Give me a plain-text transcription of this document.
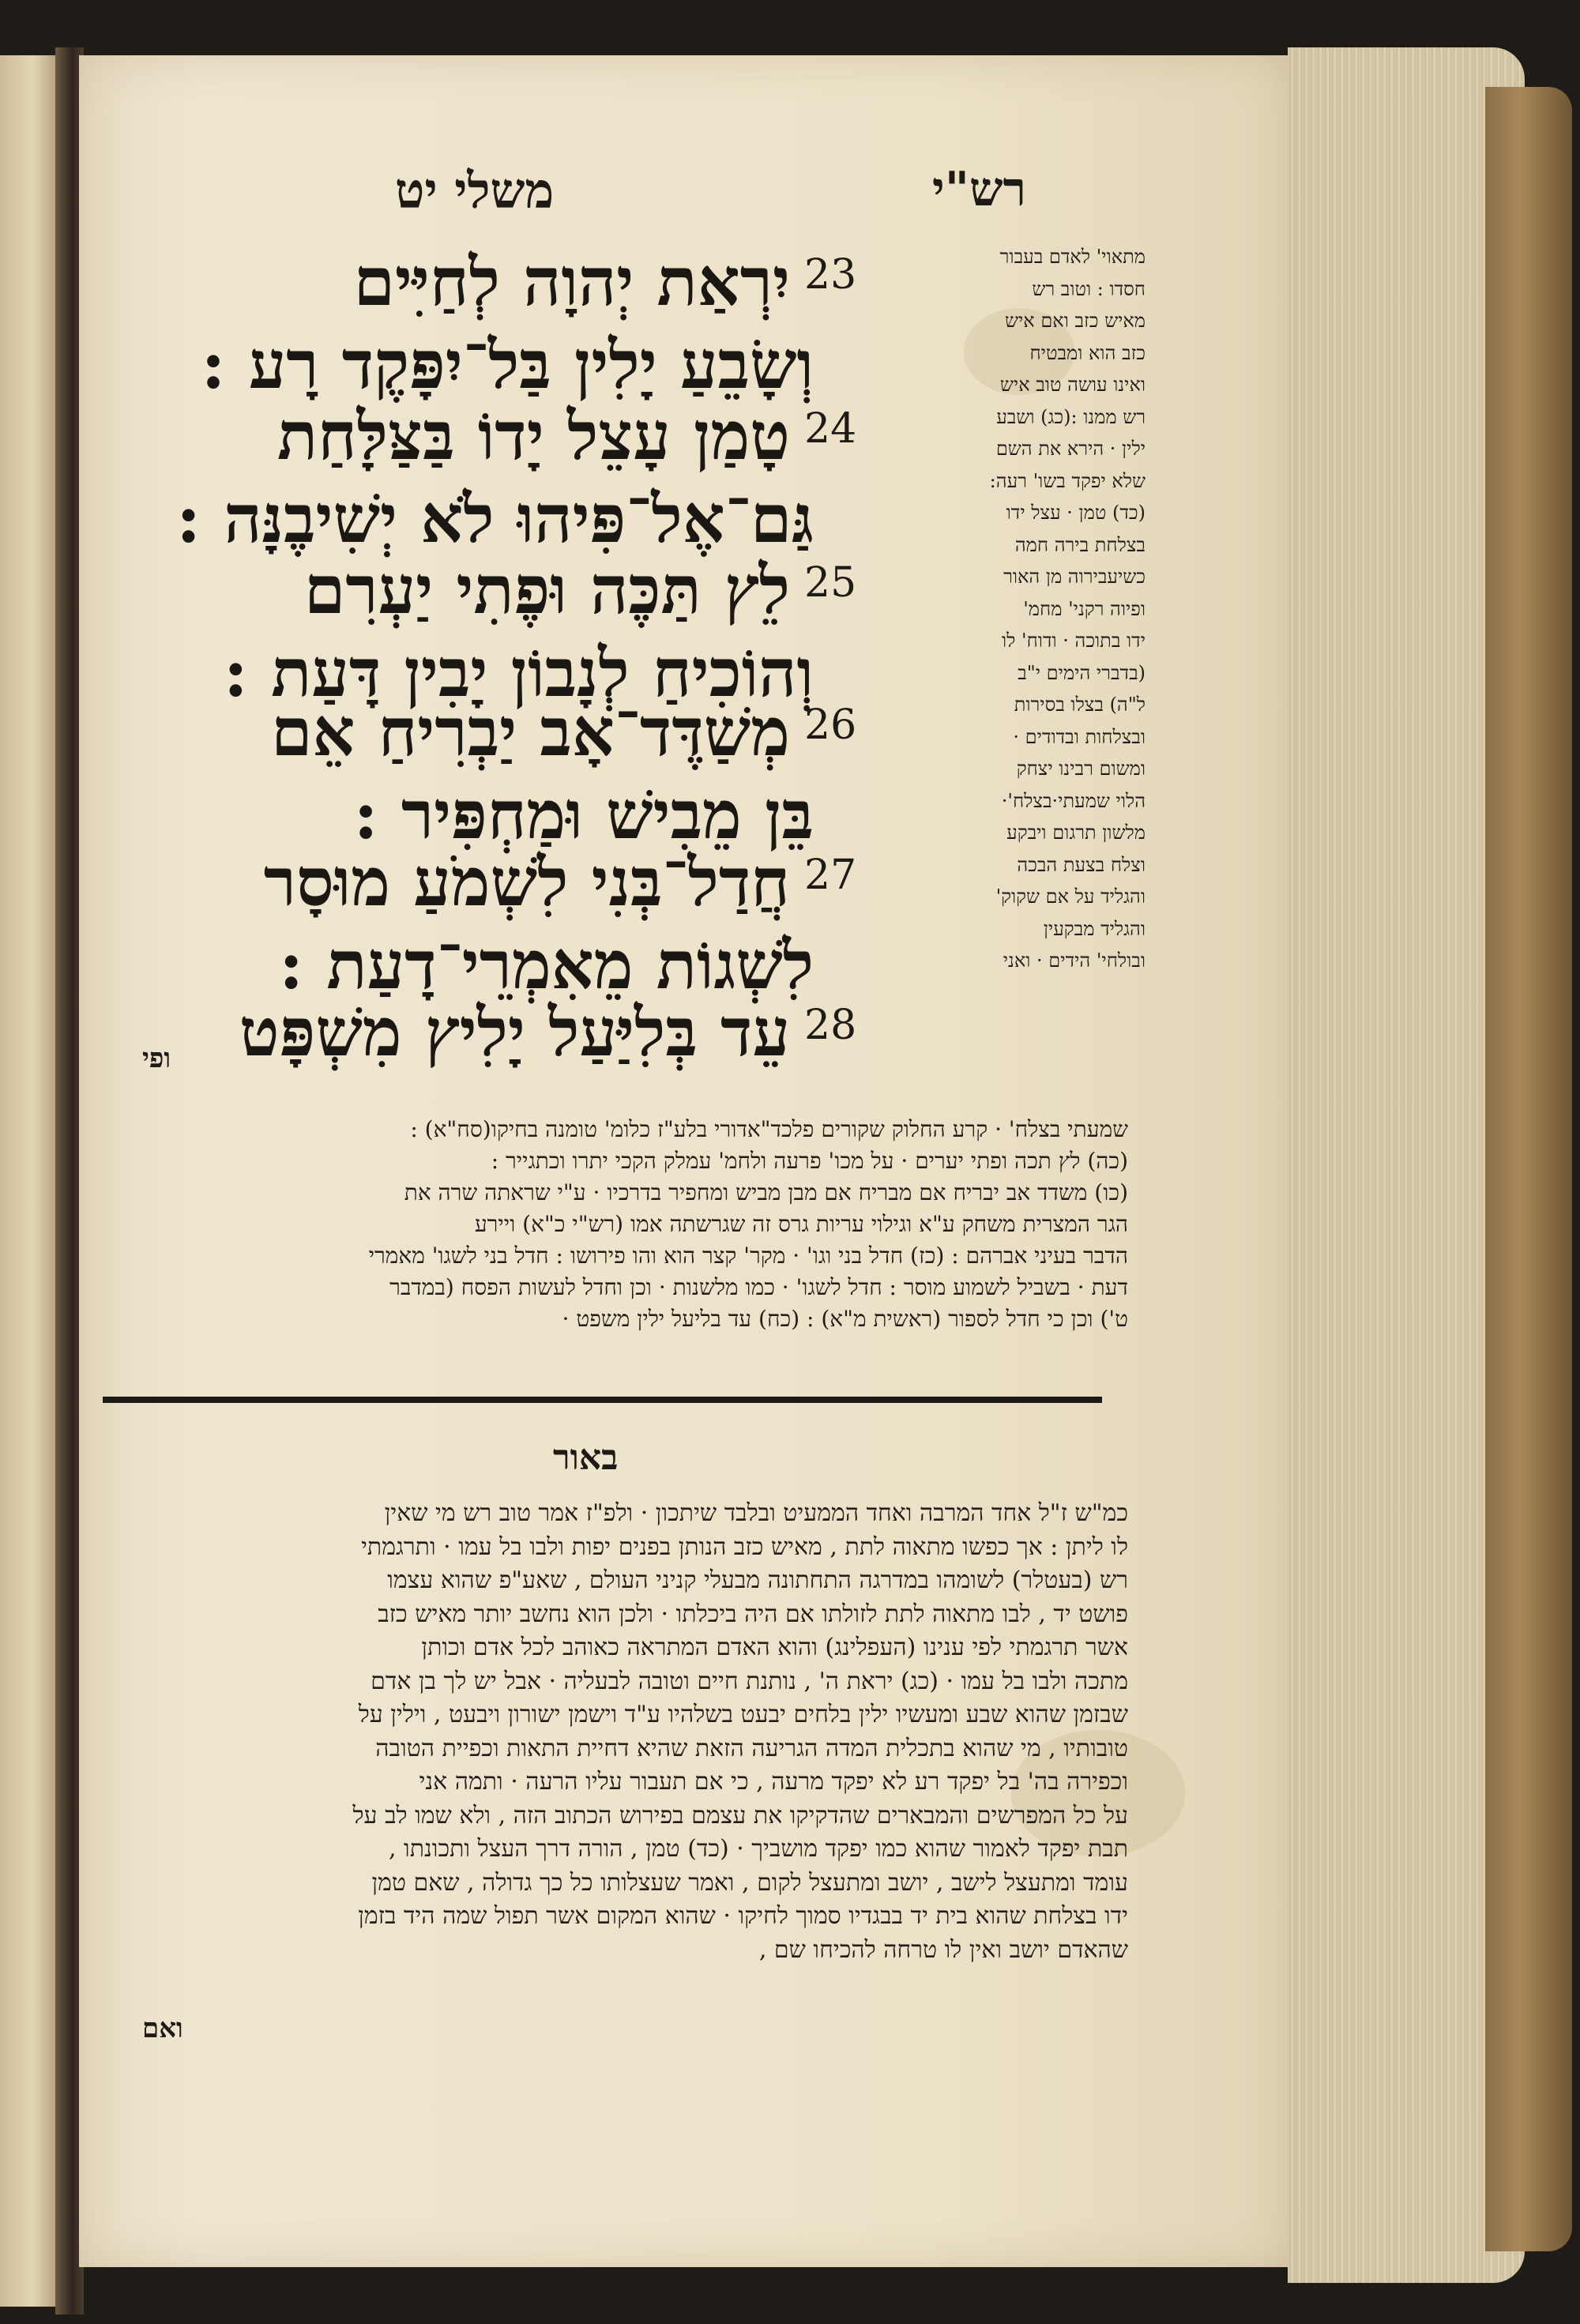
משלי יט	רש"י
23
יִרְאַת יְהוָה לְחַיִּים
וְשָׂבֵעַ יָלִין בַּל־יִפָּקֶד רָע :
24
טָמַן עָצֵל יָדוֹ בַּצַּלָּחַת
גַּם־אֶל־פִּיהוּ לֹא יְשִׁיבֶנָּה :
25
לֵץ תַּכֶּה וּפֶתִי יַעְרִם
וְהוֹכִיחַ לְנָבוֹן יָבִין דָּעַת :
26
מְשַׁדֶּד־אָב יַבְרִיחַ אֵם
בֵּן מֵבִישׁ וּמַחְפִּיר :
27
חֲדַל־בְּנִי לִשְׁמֹעַ מוּסָר
לִשְׁגוֹת מֵאִמְרֵי־דָעַת :
28
עֵד בְּלִיַּעַל יָלִיץ מִשְׁפָּט
ופי
מתאוי' לאדם בעבור
חסדו : וטוב רש
מאיש כזב ואם איש
כזב הוא ומבטיח
ואינו עושה טוב איש
רש ממנו :(כג) ושבע
ילין · הירא את השם
שלא יפקד בשו' רעה:
(כד) טמן · עצל ידו
בצלחת בירה חמה
כשיעבירוה מן האור
ופיוה רקני' מחמ'
ידו בתוכה · ודוח' לו
(בדברי הימים י"ב
ל"ה) בצלו בסירות
ובצלחות ובדודים ·
ומשום רבינו יצחק
הלוי שמעתי·בצלח'·
מלשון תרגום ויבקע
וצלח בצעת הבכה
והגליד על אם שקוק'
והגליד מבקעין
ובולחי' הידים · ואני
שמעתי בצלח' · קרע החלוק שקורים פלכד"אדורי בלע"ז כלומ' טומנה בחיקו(סח"א) :
(כה) לץ תכה ופתי יערים · על מכו' פרעה ולחמ' עמלק הקכי יתרו וכתגייר :
(כו) משדד אב יבריח אם מבריח אם מבן מביש ומחפיר בדרכיו · ע"י שראתה שרה את
הגר המצרית משחק ע"א וגילוי עריות גרס זה שגרשתה אמו (רש"י כ"א) ויירע
הדבר בעיני אברהם : (כז) חדל בני וגו' · מקר' קצר הוא והו פירושו : חדל בני לשגו' מאמרי
דעת · בשביל לשמוע מוסר : חדל לשגו' · כמו מלשנות · וכן וחדל לעשות הפסח (במדבר
ט') וכן כי חדל לספור (ראשית מ"א) : (כח) עד בליעל ילין משפט ·
באור
כמ"ש ז"ל אחד המרבה ואחד הממעיט ובלבד שיתכון · ולפ"ז אמר טוב רש מי שאין
לו ליתן : אך כפשו מתאוה לתת , מאיש כזב הנותן בפנים יפות ולבו בל עמו · ותרגמתי
רש (בעטלר) לשומהו במדרגה התחתונה מבעלי קניני העולם , שאע"פ שהוא עצמו
פושט יד , לבו מתאוה לתת לזולתו אם היה ביכלתו · ולכן הוא נחשב יותר מאיש כזב
אשר תרגמתי לפי ענינו (העפלינג) והוא האדם המתראה כאוהב לכל אדם וכותן
מתכה ולבו בל עמו · (כג) יראת ה' , נותנת חיים וטובה לבעליה · אבל יש לך בן אדם
שבזמן שהוא שבע ומעשיו ילין בלחים יבעט בשלהיו ע"ד וישמן ישורון ויבעט , וילין על
טובותיו , מי שהוא בתכלית המדה הגריעה הזאת שהיא דחיית התאות וכפיית הטובה
וכפירה בה' בל יפקד רע לא יפקד מרעה , כי אם תעבור עליו הרעה · ותמה אני
על כל המפרשים והמבארים שהדקיקו את עצמם בפירוש הכתוב הזה , ולא שמו לב על
תבת יפקד לאמור שהוא כמו יפקד מושביך · (כד) טמן , הורה דרך העצל ותכונתו ,
עומד ומתעצל לישב , יושב ומתעצל לקום , ואמר שעצלותו כל כך גדולה , שאם טמן
ידו בצלחת שהוא בית יד בבגדיו סמוך לחיקו · שהוא המקום אשר תפול שמה היד בזמן
שהאדם יושב ואין לו טרחה להכיחו שם ,
ואם
